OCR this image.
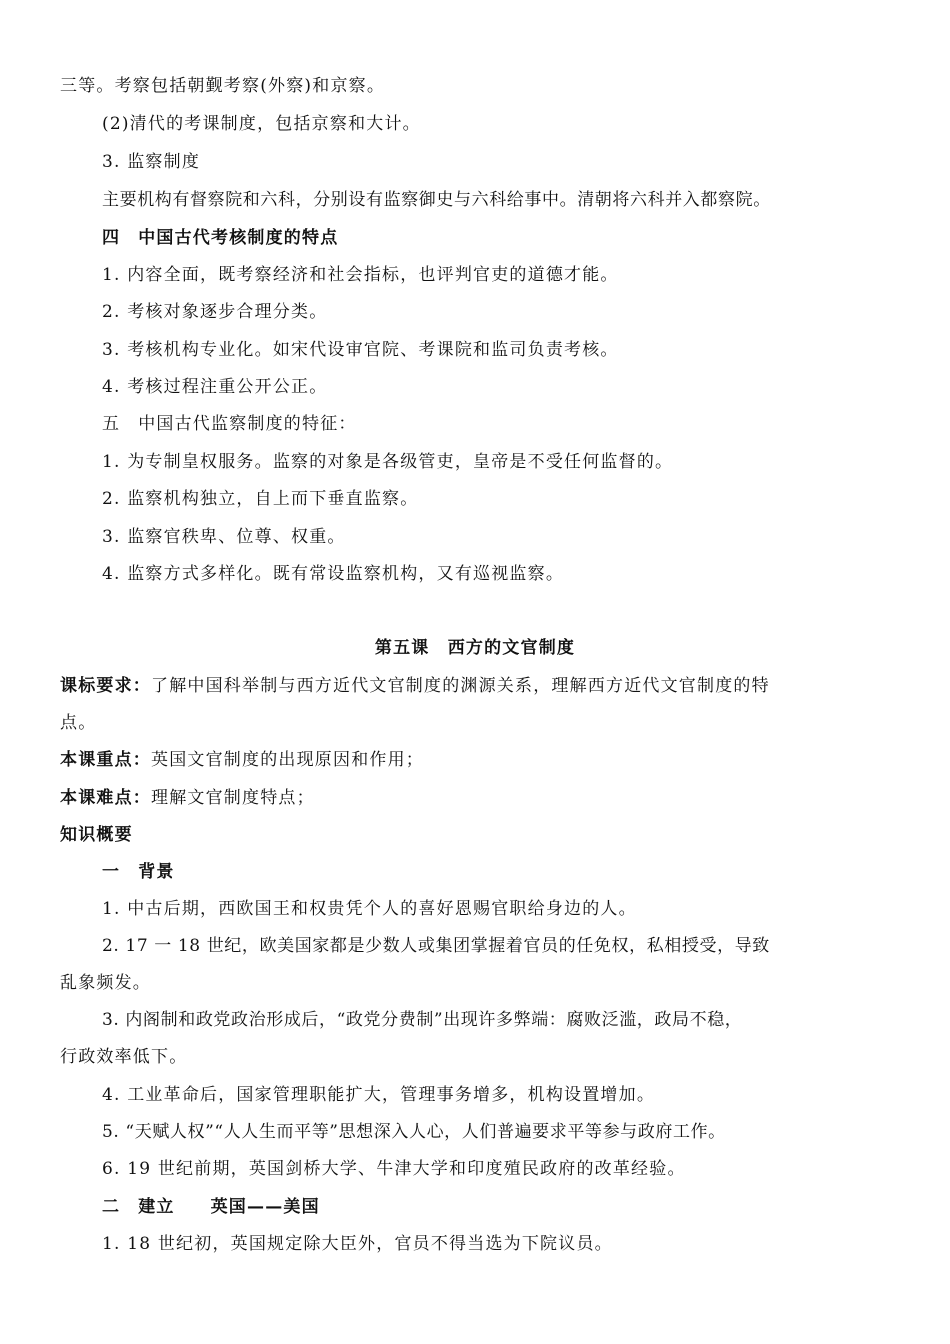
三等。考察包括朝觐考察(外察)和京察。
(2)清代的考课制度，包括京察和大计。
3. 监察制度
主要机构有督察院和六科，分别设有监察御史与六科给事中。清朝将六科并入都察院。
四 中国古代考核制度的特点
1. 内容全面，既考察经济和社会指标，也评判官吏的道德才能。
2. 考核对象逐步合理分类。
3. 考核机构专业化。如宋代设审官院、考课院和监司负责考核。
4. 考核过程注重公开公正。
五 中国古代监察制度的特征：
1. 为专制皇权服务。监察的对象是各级管吏，皇帝是不受任何监督的。
2. 监察机构独立，自上而下垂直监察。
3. 监察官秩卑、位尊、权重。
4. 监察方式多样化。既有常设监察机构，又有巡视监察。
第五课　西方的文官制度
课标要求：了解中国科举制与西方近代文官制度的渊源关系，理解西方近代文官制度的特
点。
本课重点：英国文官制度的出现原因和作用；
本课难点：理解文官制度特点；
知识概要
一 背景
1. 中古后期，西欧国王和权贵凭个人的喜好恩赐官职给身边的人。
2. 17 一 18 世纪，欧美国家都是少数人或集团掌握着官员的任免权，私相授受，导致
乱象频发。
3. 内阁制和政党政治形成后，“政党分费制”出现许多弊端：腐败泛滥，政局不稳，
行政效率低下。
4. 工业革命后，国家管理职能扩大，管理事务增多，机构设置增加。
5. “天赋人权”“人人生而平等”思想深入人心，人们普遍要求平等参与政府工作。
6. 19 世纪前期，英国剑桥大学、牛津大学和印度殖民政府的改革经验。
二 建立 英国——美国
1. 18 世纪初，英国规定除大臣外，官员不得当选为下院议员。
